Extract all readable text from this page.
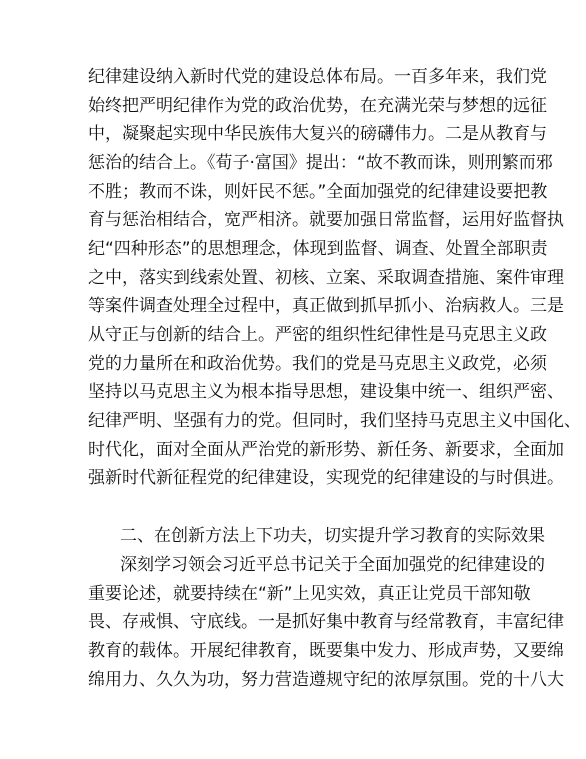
纪律建设纳入新时代党的建设总体布局。一百多年来，我们党
始终把严明纪律作为党的政治优势，在充满光荣与梦想的远征
中，凝聚起实现中华民族伟大复兴的磅礴伟力。二是从教育与
惩治的结合上。《荀子·富国》提出：“故不教而诛，则刑繁而邪
不胜；教而不诛，则奸民不惩。”全面加强党的纪律建设要把教
育与惩治相结合，宽严相济。就要加强日常监督，运用好监督执
纪“四种形态”的思想理念，体现到监督、调查、处置全部职责
之中，落实到线索处置、初核、立案、采取调查措施、案件审理
等案件调查处理全过程中，真正做到抓早抓小、治病救人。三是
从守正与创新的结合上。严密的组织性纪律性是马克思主义政
党的力量所在和政治优势。我们的党是马克思主义政党，必须
坚持以马克思主义为根本指导思想，建设集中统一、组织严密、
纪律严明、坚强有力的党。但同时，我们坚持马克思主义中国化、
时代化，面对全面从严治党的新形势、新任务、新要求，全面加
强新时代新征程党的纪律建设，实现党的纪律建设的与时俱进。
二、在创新方法上下功夫，切实提升学习教育的实际效果
深刻学习领会习近平总书记关于全面加强党的纪律建设的
重要论述，就要持续在“新”上见实效，真正让党员干部知敬
畏、存戒惧、守底线。一是抓好集中教育与经常教育，丰富纪律
教育的载体。开展纪律教育，既要集中发力、形成声势，又要绵
绵用力、久久为功，努力营造遵规守纪的浓厚氛围。党的十八大
